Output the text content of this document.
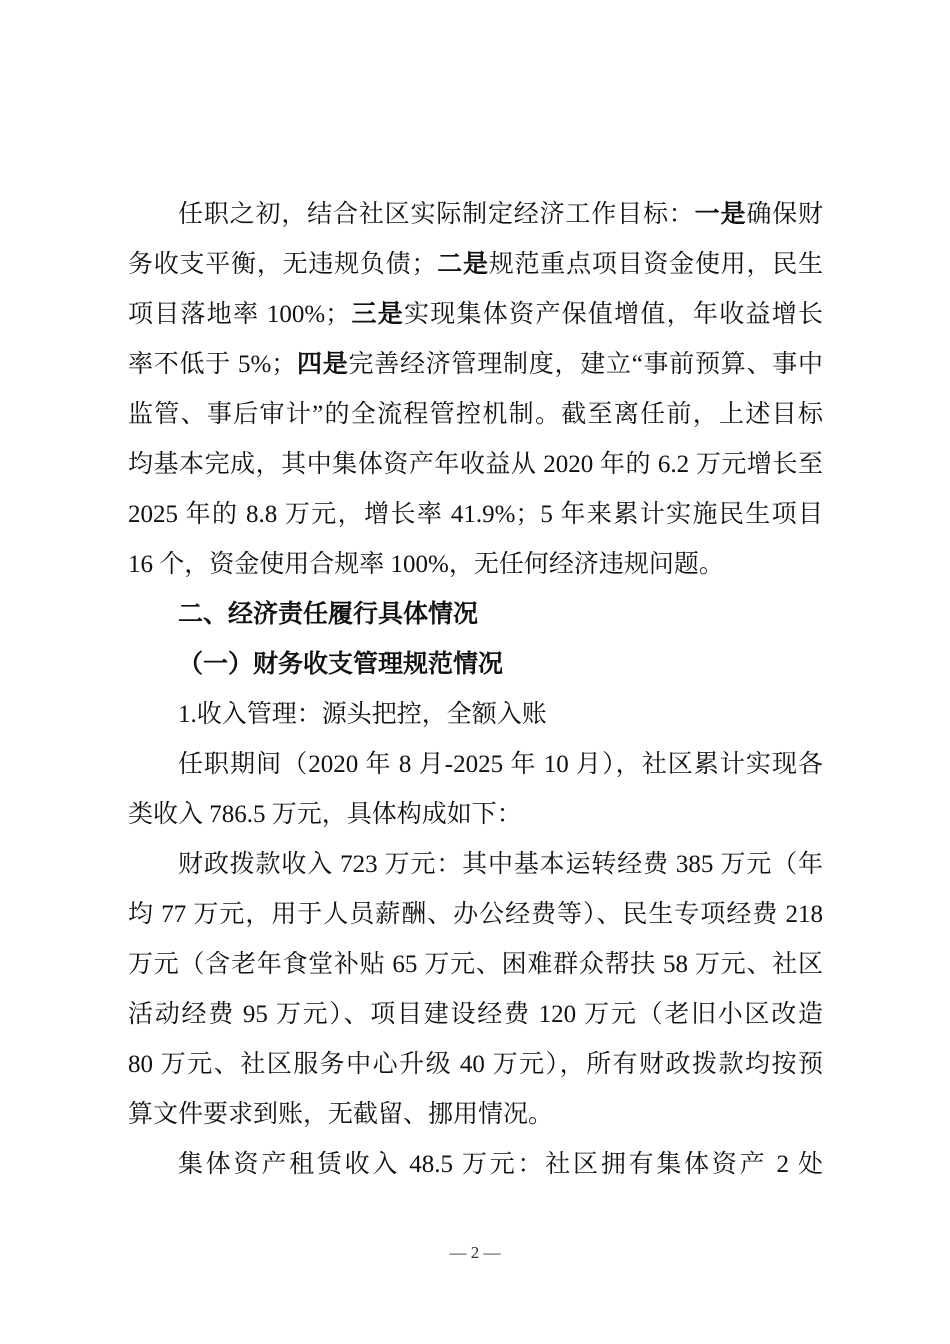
任职之初，结合社区实际制定经济工作目标：一是确保财
务收支平衡，无违规负债；二是规范重点项目资金使用，民生
项目落地率 100%；三是实现集体资产保值增值，年收益增长
率不低于 5%；四是完善经济管理制度，建立“事前预算、事中
监管、事后审计”的全流程管控机制。截至离任前，上述目标
均基本完成，其中集体资产年收益从 2020 年的 6.2 万元增长至
2025 年的 8.8 万元，增长率 41.9%；5 年来累计实施民生项目
16 个，资金使用合规率 100%，无任何经济违规问题。
二、经济责任履行具体情况
（一）财务收支管理规范情况
1.收入管理：源头把控，全额入账
任职期间（2020 年 8 月-2025 年 10 月），社区累计实现各
类收入 786.5 万元，具体构成如下：
财政拨款收入 723 万元：其中基本运转经费 385 万元（年
均 77 万元，用于人员薪酬、办公经费等）、民生专项经费 218
万元（含老年食堂补贴 65 万元、困难群众帮扶 58 万元、社区
活动经费 95 万元）、项目建设经费 120 万元（老旧小区改造
80 万元、社区服务中心升级 40 万元），所有财政拨款均按预
算文件要求到账，无截留、挪用情况。
集体资产租赁收入 48.5 万元：社区拥有集体资产 2 处
— 2 —
